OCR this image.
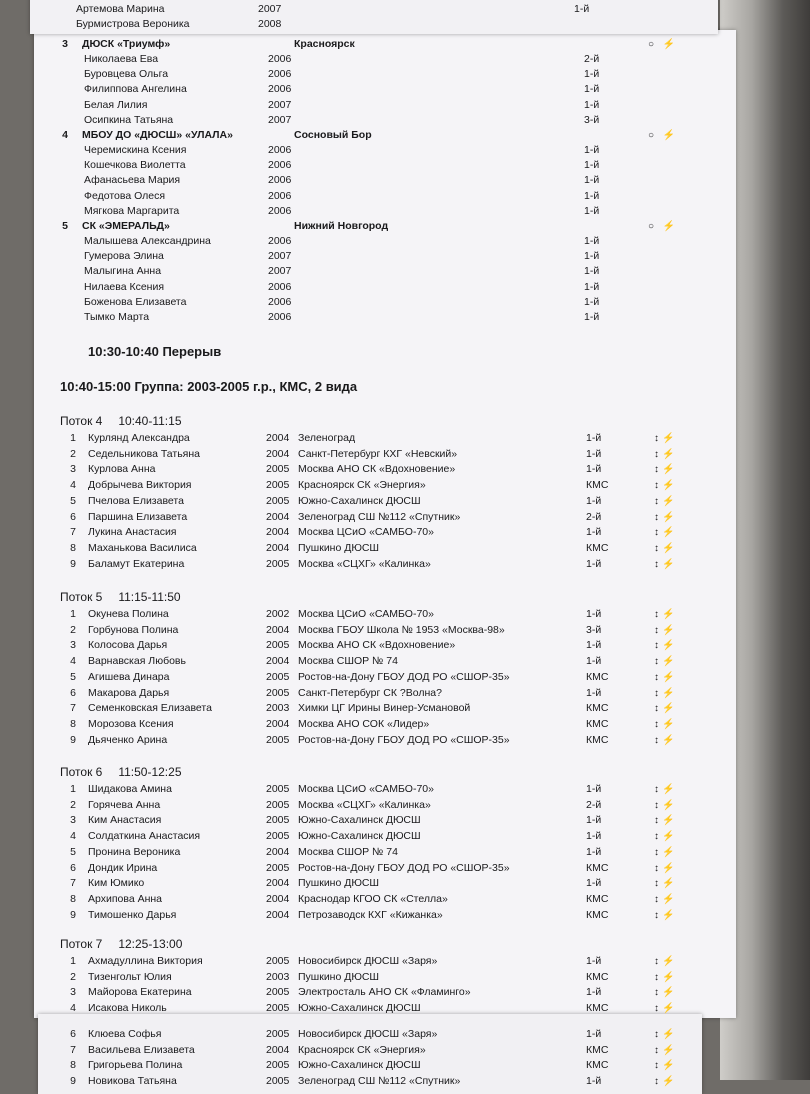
Артемова Марина	2007	1-й
Бурмистрова Вероника	2008
3 ДЮСК «Триумф»	Красноярск	○ ⚡
Николаева Ева	2006	2-й
Буровцева Ольга	2006	1-й
Филиппова Ангелина	2006	1-й
Белая Лилия	2007	1-й
Осипкина Татьяна	2007	3-й
4 МБОУ ДО «ДЮСШ» «УЛАЛА»	Сосновый Бор	○ ⚡
Черемискина Ксения	2006	1-й
Кошечкова Виолетта	2006	1-й
Афанасьева Мария	2006	1-й
Федотова Олеся	2006	1-й
Мягкова Маргарита	2006	1-й
5 СК «ЭМЕРАЛЬД»	Нижний Новгород	○ ⚡
Малышева Александрина	2006	1-й
Гумерова Элина	2007	1-й
Малыгина Анна	2007	1-й
Нилаева Ксения	2006	1-й
Боженова Елизавета	2006	1-й
Тымко Марта	2006	1-й
10:30-10:40 Перерыв
10:40-15:00 Группа: 2003-2005 г.р., КМС, 2 вида
Поток 4 10:40-11:15
1 Курлянд Александра	2004 Зеленоград	1-й	↕⚡
2 Седельникова Татьяна	2004 Санкт-Петербург КХГ «Невский»	1-й	↕⚡
3 Курлова Анна	2005 Москва АНО СК «Вдохновение»	1-й	↕⚡
4 Добрычева Виктория	2005 Красноярск СК «Энергия»	КМС	↕⚡
5 Пчелова Елизавета	2005 Южно-Сахалинск ДЮСШ	1-й	↕⚡
6 Паршина Елизавета	2004 Зеленоград СШ №112 «Спутник»	2-й	↕⚡
7 Лукина Анастасия	2004 Москва ЦСиО «САМБО-70»	1-й	↕⚡
8 Маханькова Василиса	2004 Пушкино ДЮСШ	КМС	↕⚡
9 Баламут Екатерина	2005 Москва «СЦХГ» «Калинка»	1-й	↕⚡
Поток 5 11:15-11:50
1 Окунева Полина	2002 Москва ЦСиО «САМБО-70»	1-й	↕⚡
2 Горбунова Полина	2004 Москва ГБОУ Школа № 1953 «Москва-98»	3-й	↕⚡
3 Колосова Дарья	2005 Москва АНО СК «Вдохновение»	1-й	↕⚡
4 Варнавская Любовь	2004 Москва СШОР № 74	1-й	↕⚡
5 Агишева Динара	2005 Ростов-на-Дону ГБОУ ДОД РО «СШОР-35»	КМС	↕⚡
6 Макарова Дарья	2005 Санкт-Петербург СК ?Волна?	1-й	↕⚡
7 Семенковская Елизавета	2003 Химки ЦГ Ирины Винер-Усмановой	КМС	↕⚡
8 Морозова Ксения	2004 Москва АНО СОК «Лидер»	КМС	↕⚡
9 Дьяченко Арина	2005 Ростов-на-Дону ГБОУ ДОД РО «СШОР-35»	КМС	↕⚡
Поток 6 11:50-12:25
1 Шидакова Амина	2005 Москва ЦСиО «САМБО-70»	1-й	↕⚡
2 Горячева Анна	2005 Москва «СЦХГ» «Калинка»	2-й	↕⚡
3 Ким Анастасия	2005 Южно-Сахалинск ДЮСШ	1-й	↕⚡
4 Солдаткина Анастасия	2005 Южно-Сахалинск ДЮСШ	1-й	↕⚡
5 Пронина Вероника	2004 Москва СШОР № 74	1-й	↕⚡
6 Дондик Ирина	2005 Ростов-на-Дону ГБОУ ДОД РО «СШОР-35»	КМС	↕⚡
7 Ким Юмико	2004 Пушкино ДЮСШ	1-й	↕⚡
8 Архипова Анна	2004 Краснодар КГОО СК «Стелла»	КМС	↕⚡
9 Тимошенко Дарья	2004 Петрозаводск КХГ «Кижанка»	КМС	↕⚡
Поток 7 12:25-13:00
1 Ахмадуллина Виктория	2005 Новосибирск ДЮСШ «Заря»	1-й	↕⚡
2 Тизенгольт Юлия	2003 Пушкино ДЮСШ	КМС	↕⚡
3 Майорова Екатерина	2005 Электросталь АНО СК «Фламинго»	1-й	↕⚡
4 Исакова Николь	2005 Южно-Сахалинск ДЮСШ	КМС	↕⚡
6 Клюева Софья	2005 Новосибирск ДЮСШ «Заря»	1-й	↕⚡
7 Васильева Елизавета	2004 Красноярск СК «Энергия»	КМС	↕⚡
8 Григорьева Полина	2005 Южно-Сахалинск ДЮСШ	КМС	↕⚡
9 Новикова Татьяна	2005 Зеленоград СШ №112 «Спутник»	1-й	↕⚡
